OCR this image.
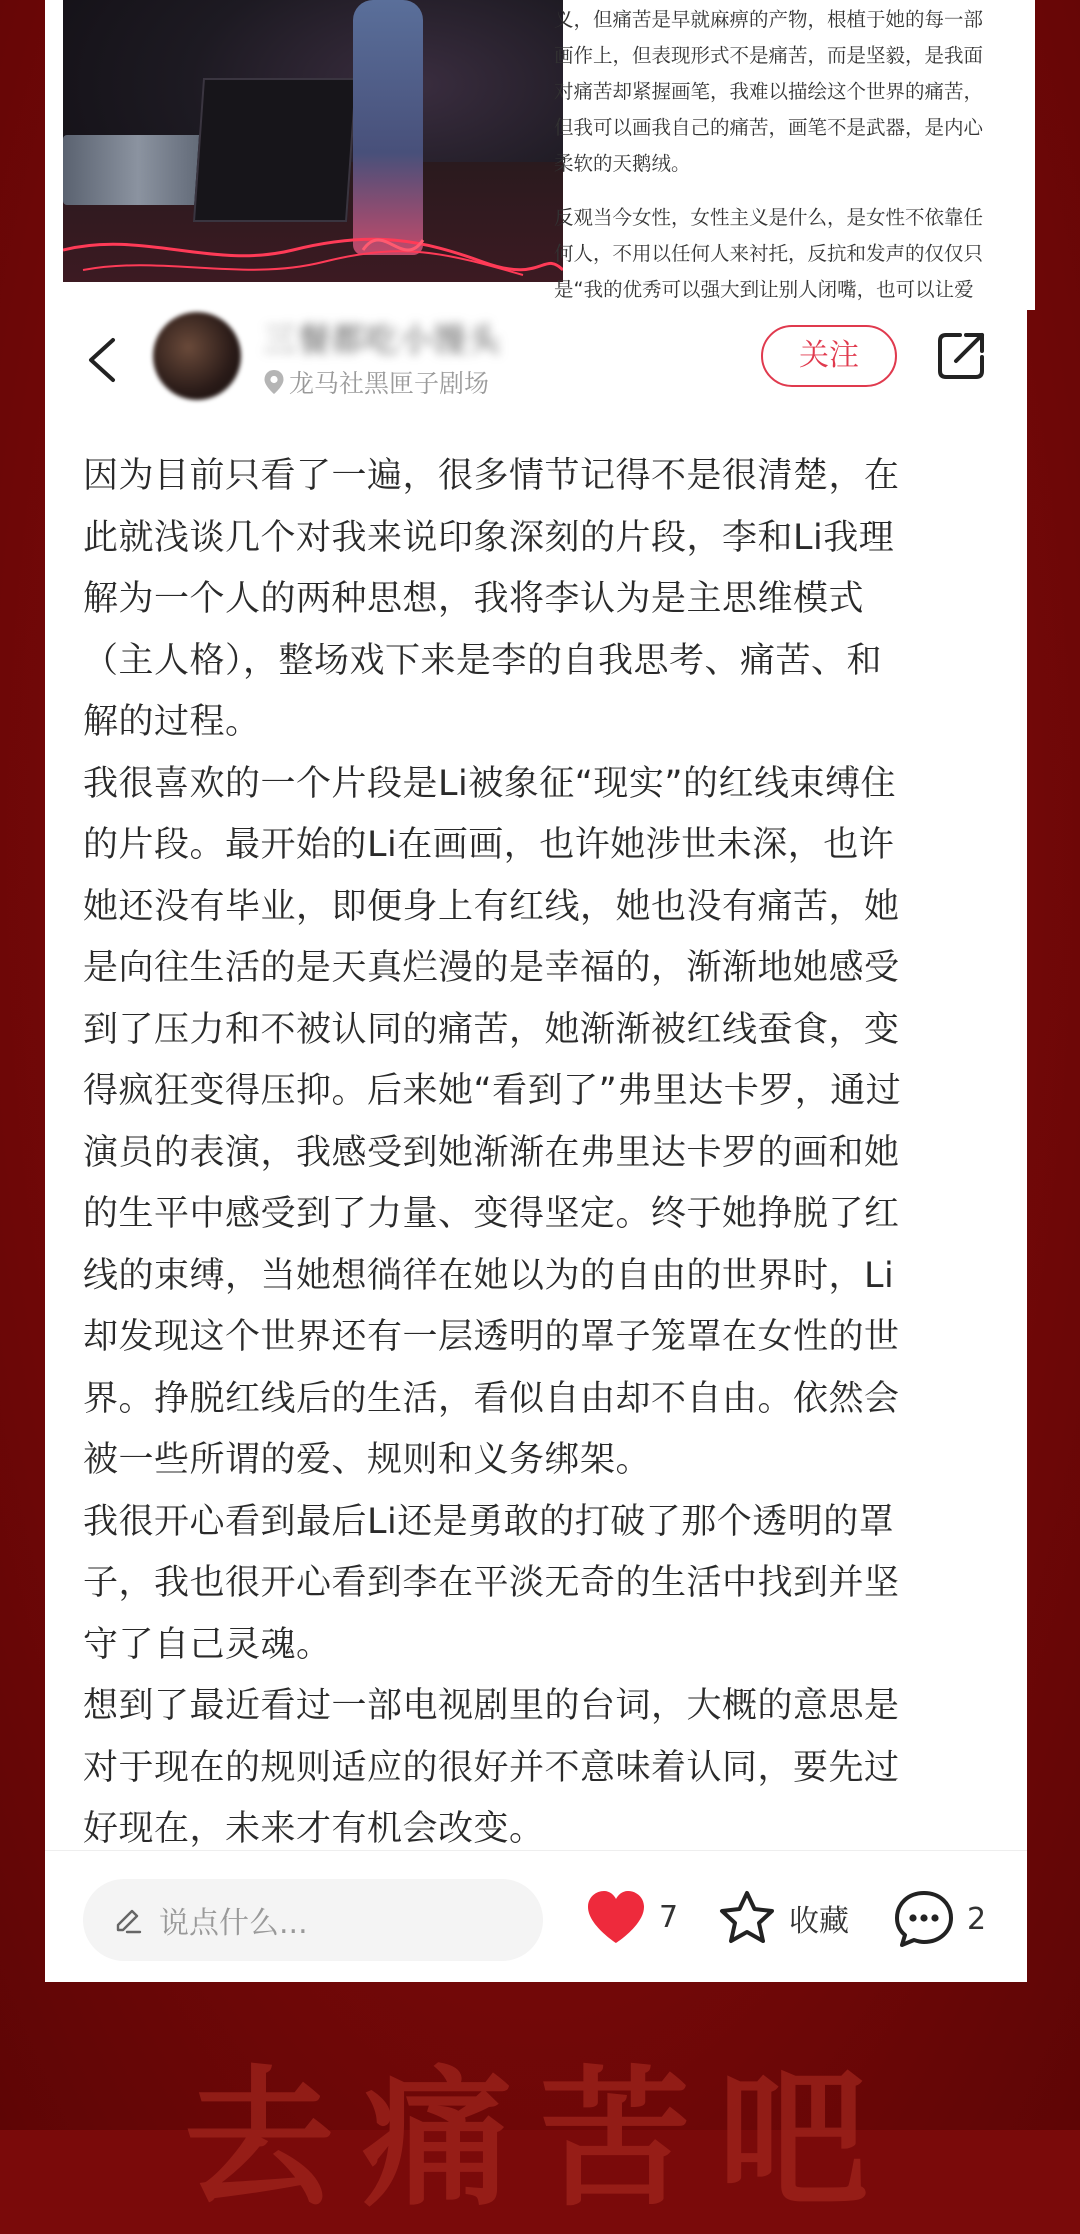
去痛苦吧

义，但痛苦是早就麻痹的产物，根植于她的每一部
画作上，但表现形式不是痛苦，而是坚毅，是我面
对痛苦却紧握画笔，我难以描绘这个世界的痛苦，
但我可以画我自己的痛苦，画笔不是武器，是内心
柔软的天鹅绒。

反观当今女性，女性主义是什么，是女性不依靠任
何人，不用以任何人来衬托，反抗和发声的仅仅只
是“我的优秀可以强大到让别人闭嘴，也可以让爱

三餐都吃小馒头
龙马社黑匣子剧场
关注

因为目前只看了一遍，很多情节记得不是很清楚，在
此就浅谈几个对我来说印象深刻的片段，李和Li我理
解为一个人的两种思想，我将李认为是主思维模式
（主人格），整场戏下来是李的自我思考、痛苦、和
解的过程。

我很喜欢的一个片段是Li被象征“现实”的红线束缚住
的片段。最开始的Li在画画，也许她涉世未深，也许
她还没有毕业，即便身上有红线，她也没有痛苦，她
是向往生活的是天真烂漫的是幸福的，渐渐地她感受
到了压力和不被认同的痛苦，她渐渐被红线蚕食，变
得疯狂变得压抑。后来她“看到了”弗里达卡罗，通过
演员的表演，我感受到她渐渐在弗里达卡罗的画和她
的生平中感受到了力量、变得坚定。终于她挣脱了红
线的束缚，当她想徜徉在她以为的自由的世界时，Li
却发现这个世界还有一层透明的罩子笼罩在女性的世
界。挣脱红线后的生活，看似自由却不自由。依然会
被一些所谓的爱、规则和义务绑架。

我很开心看到最后Li还是勇敢的打破了那个透明的罩
子，我也很开心看到李在平淡无奇的生活中找到并坚
守了自己灵魂。

想到了最近看过一部电视剧里的台词，大概的意思是
对于现在的规则适应的很好并不意味着认同，要先过
好现在，未来才有机会改变。

说点什么...	7	收藏	2
